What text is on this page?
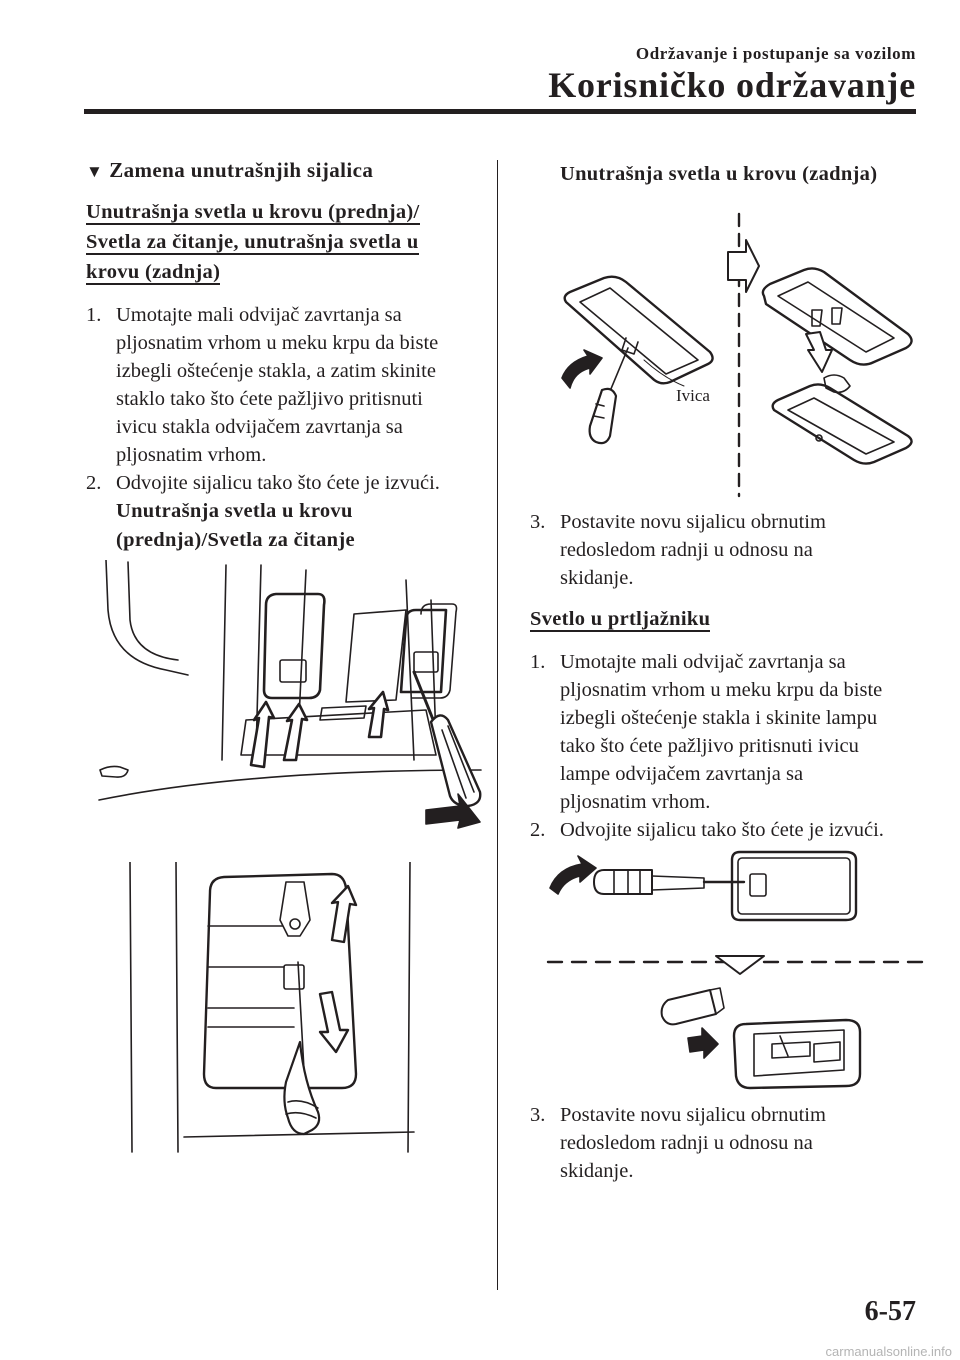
Održavanje i postupanje sa vozilom
Korisničko održavanje
▼ Zamena unutrašnjih sijalica
Unutrašnja svetla u krovu (prednja)/
Svetla za čitanje, unutrašnja svetla u
krovu (zadnja)
1. Umotajte mali odvijač zavrtanja sa
pljosnatim vrhom u meku krpu da biste
izbegli oštećenje stakla, a zatim skinite
staklo tako što ćete pažljivo pritisnuti
ivicu stakla odvijačem zavrtanja sa
pljosnatim vrhom.
2. Odvojite sijalicu tako što ćete je izvući.
Unutrašnja svetla u krovu
(prednja)/Svetla za čitanje
Unutrašnja svetla u krovu (zadnja)
Ivica
3. Postavite novu sijalicu obrnutim
redosledom radnji u odnosu na
skidanje.
Svetlo u prtljažniku
1. Umotajte mali odvijač zavrtanja sa
pljosnatim vrhom u meku krpu da biste
izbegli oštećenje stakla i skinite lampu
tako što ćete pažljivo pritisnuti ivicu
lampe odvijačem zavrtanja sa
pljosnatim vrhom.
2. Odvojite sijalicu tako što ćete je izvući.
3. Postavite novu sijalicu obrnutim
redosledom radnji u odnosu na
skidanje.
6-57
carmanualsonline.info
